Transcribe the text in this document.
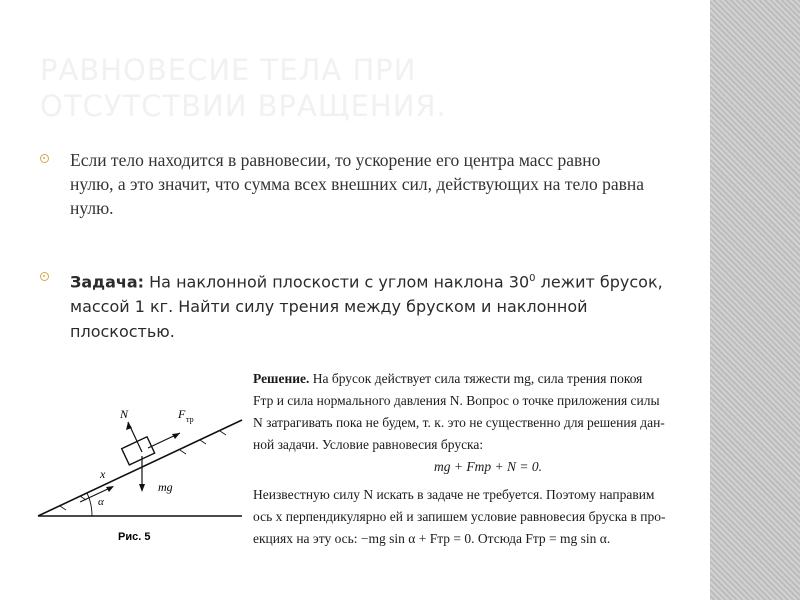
РАВНОВЕСИЕ ТЕЛА ПРИ
ОТСУТСТВИИ ВРАЩЕНИЯ.

Если тело находится в равновесии, то ускорение его центра масс равно нулю, а это значит, что сумма всех внешних сил, действующих на тело равна нулю.

Задача: На наклонной плоскости с углом наклона $30^0$ лежит брусок, массой 1 кг. Найти силу трения между бруском и наклонной плоскостью.

N	F тр
mg
x
α
Рис. 5
Решение. На брусок действует сила тяжести mg, сила трения покоя
Fтр и сила нормального давления N. Вопрос о точке приложения силы
N затрагивать пока не будем, т. к. это не существенно для решения дан-
ной задачи. Условие равновесия бруска:
mg + Fтр + N = 0.
Неизвестную силу N искать в задаче не требуется. Поэтому направим
ось x перпендикулярно ей и запишем условие равновесия бруска в про-
екциях на эту ось: −mg sin α + Fтр = 0. Отсюда Fтр = mg sin α.
